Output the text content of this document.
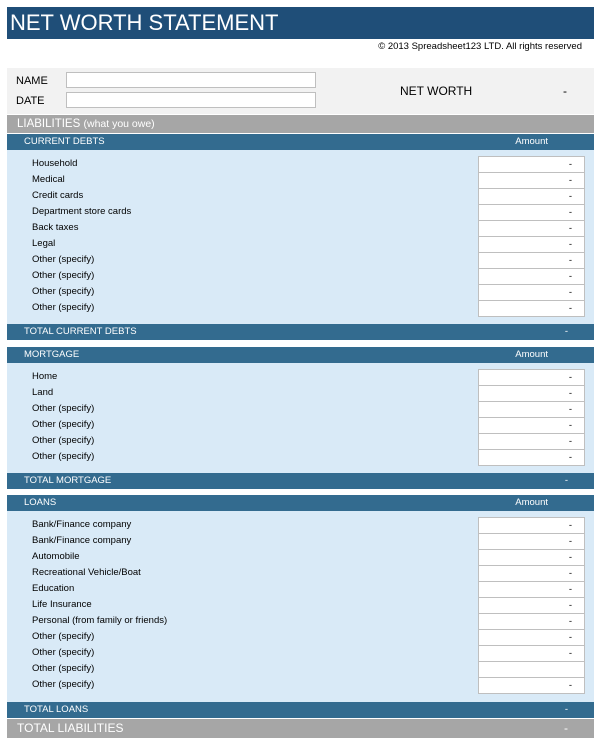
NET WORTH STATEMENT
© 2013 Spreadsheet123 LTD. All rights reserved
NAME
DATE
NET WORTH	-
LIABILITIES (what you owe)
CURRENT DEBTS	Amount
Household	-
Medical	-
Credit cards	-
Department store cards	-
Back taxes	-
Legal	-
Other (specify)	-
Other (specify)	-
Other (specify)	-
Other (specify)	-
TOTAL CURRENT DEBTS	-
MORTGAGE	Amount
Home	-
Land	-
Other (specify)	-
Other (specify)	-
Other (specify)	-
Other (specify)	-
TOTAL MORTGAGE	-
LOANS	Amount
Bank/Finance company	-
Bank/Finance company	-
Automobile	-
Recreational Vehicle/Boat	-
Education	-
Life Insurance	-
Personal (from family or friends)	-
Other (specify)	-
Other (specify)	-
Other (specify)
Other (specify)	-
TOTAL LOANS	-
TOTAL LIABILITIES	-
